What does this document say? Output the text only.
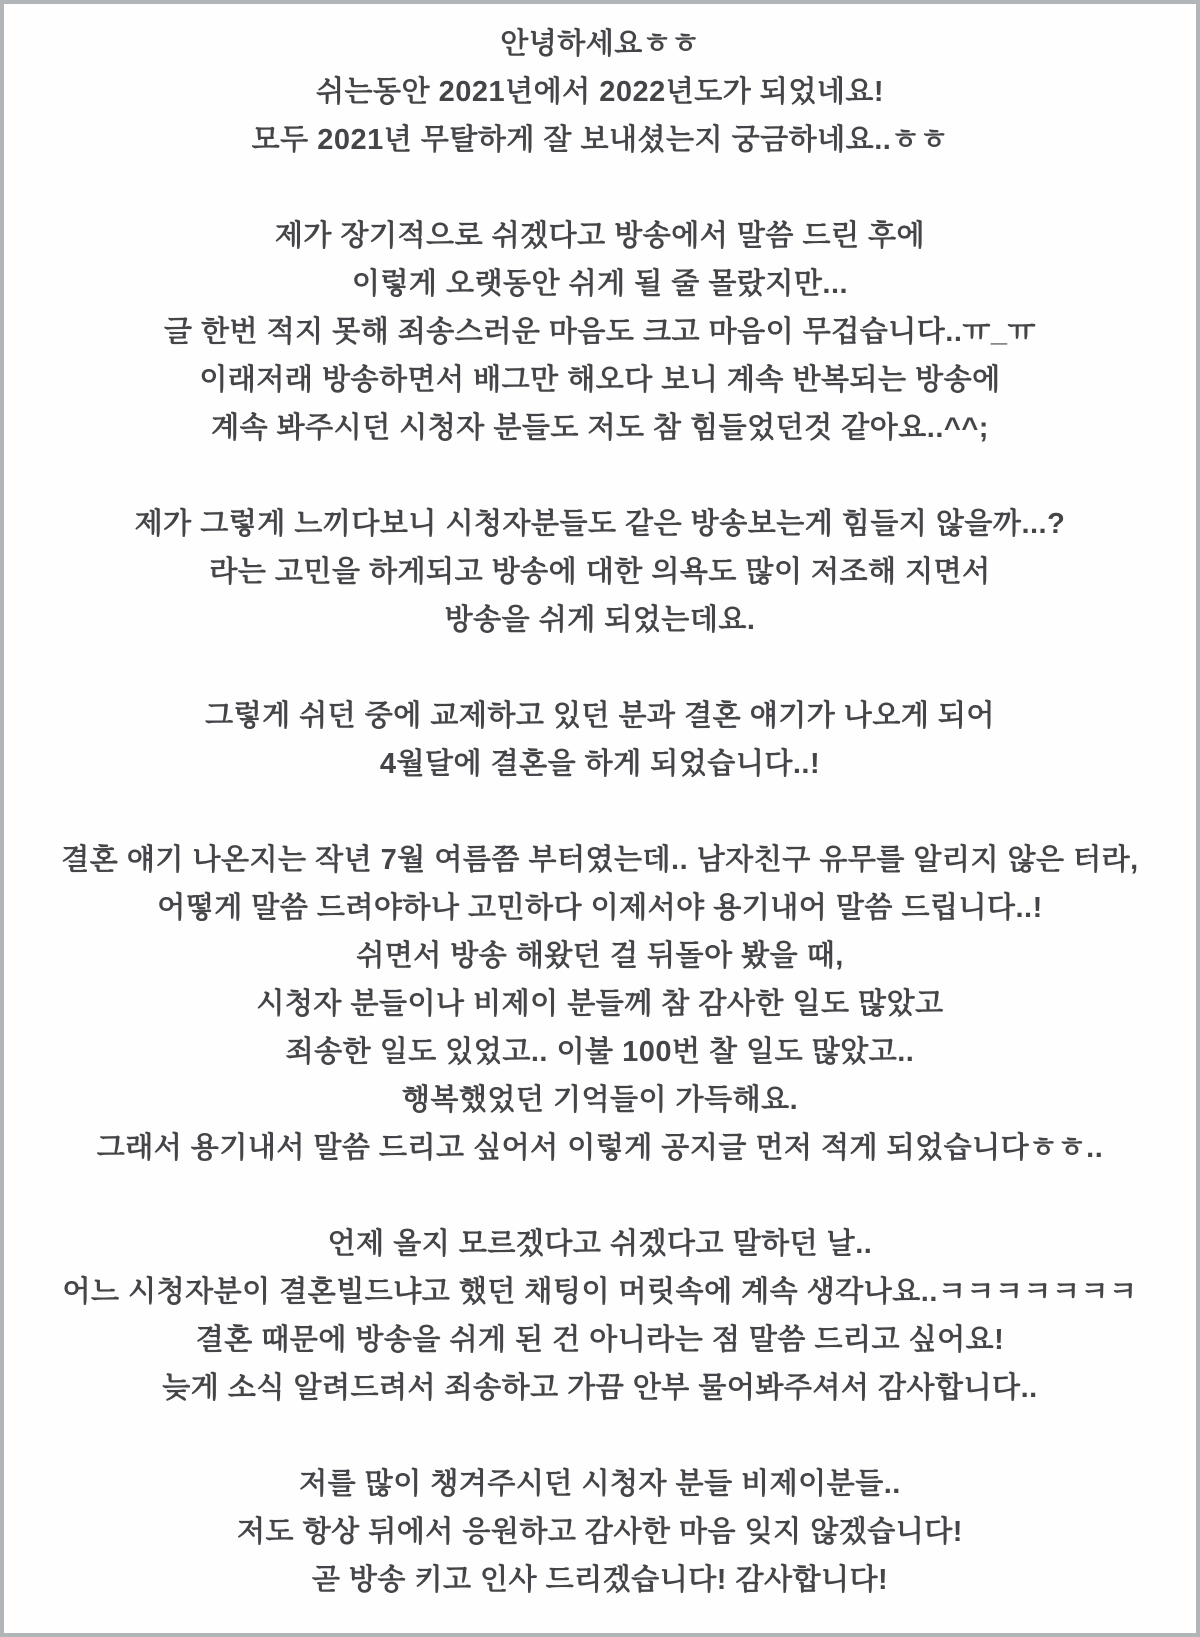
안녕하세요ㅎㅎ
쉬는동안 2021년에서 2022년도가 되었네요!
모두 2021년 무탈하게 잘 보내셨는지 궁금하네요..ㅎㅎ
제가 장기적으로 쉬겠다고 방송에서 말씀 드린 후에
이렇게 오랫동안 쉬게 될 줄 몰랐지만...
글 한번 적지 못해 죄송스러운 마음도 크고 마음이 무겁습니다..ㅠ_ㅠ
이래저래 방송하면서 배그만 해오다 보니 계속 반복되는 방송에
계속 봐주시던 시청자 분들도 저도 참 힘들었던것 같아요..^^;
제가 그렇게 느끼다보니 시청자분들도 같은 방송보는게 힘들지 않을까...?
라는 고민을 하게되고 방송에 대한 의욕도 많이 저조해 지면서
방송을 쉬게 되었는데요.
그렇게 쉬던 중에 교제하고 있던 분과 결혼 얘기가 나오게 되어
4월달에 결혼을 하게 되었습니다..!
결혼 얘기 나온지는 작년 7월 여름쯤 부터였는데.. 남자친구 유무를 알리지 않은 터라,
어떻게 말씀 드려야하나 고민하다 이제서야 용기내어 말씀 드립니다..!
쉬면서 방송 해왔던 걸 뒤돌아 봤을 때,
시청자 분들이나 비제이 분들께 참 감사한 일도 많았고
죄송한 일도 있었고.. 이불 100번 찰 일도 많았고..
행복했었던 기억들이 가득해요.
그래서 용기내서 말씀 드리고 싶어서 이렇게 공지글 먼저 적게 되었습니다ㅎㅎ..
언제 올지 모르겠다고 쉬겠다고 말하던 날..
어느 시청자분이 결혼빌드냐고 했던 채팅이 머릿속에 계속 생각나요..ㅋㅋㅋㅋㅋㅋㅋ
결혼 때문에 방송을 쉬게 된 건 아니라는 점 말씀 드리고 싶어요!
늦게 소식 알려드려서 죄송하고 가끔 안부 물어봐주셔서 감사합니다..
저를 많이 챙겨주시던 시청자 분들 비제이분들..
저도 항상 뒤에서 응원하고 감사한 마음 잊지 않겠습니다!
곧 방송 키고 인사 드리겠습니다! 감사합니다!
